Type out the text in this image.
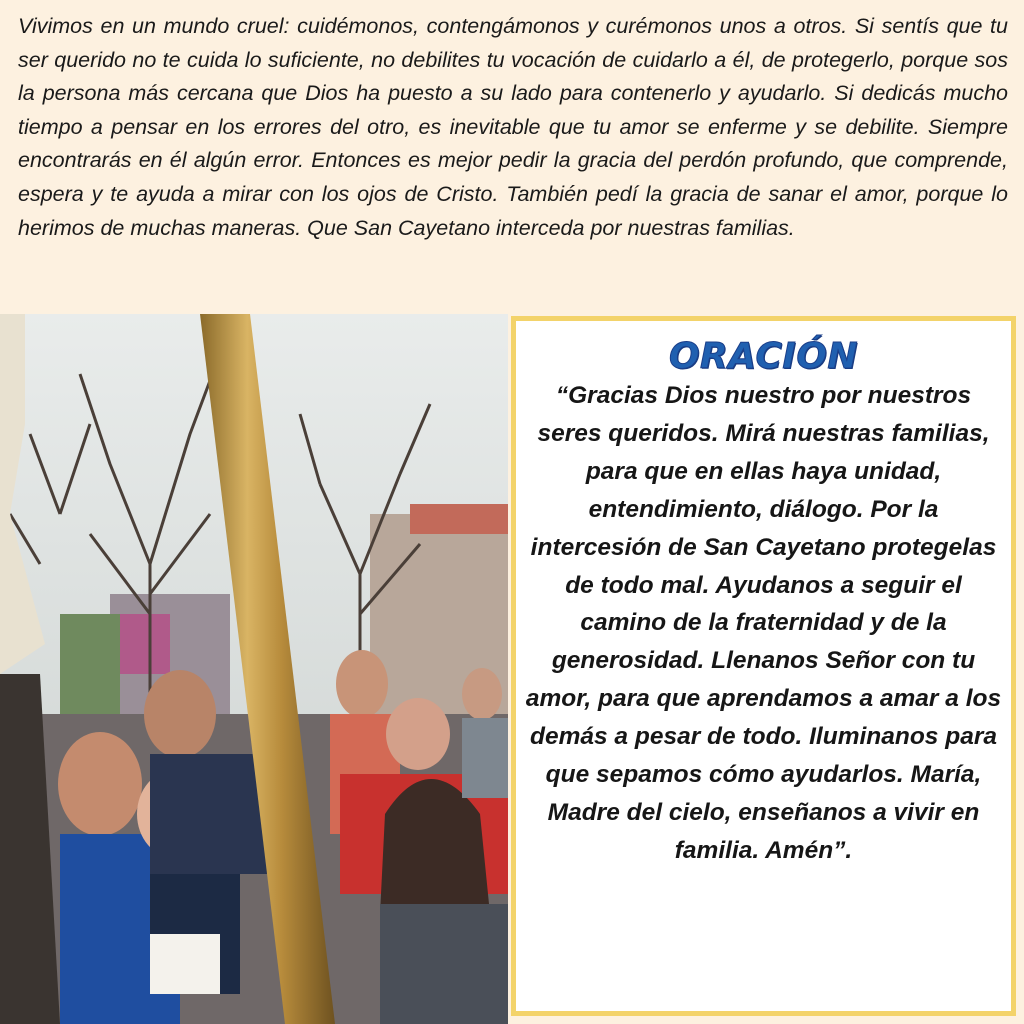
Vivimos en un mundo cruel: cuidémonos, contengámonos y curémonos unos a otros. Si sentís que tu ser querido no te cuida lo suficiente, no debilites tu vocación de cuidarlo a él, de protegerlo, porque sos la persona más cercana que Dios ha puesto a su lado para contenerlo y ayudarlo. Si dedicás mucho tiempo a pensar en los errores del otro, es inevitable que tu amor se enferme y se debilite. Siempre encontrarás en él algún error. Entonces es mejor pedir la gracia del perdón profundo, que comprende, espera y te ayuda a mirar con los ojos de Cristo. También pedí la gracia de sanar el amor, porque lo herimos de muchas maneras. Que San Cayetano interceda por nuestras familias.

ORACIÓN
“Gracias Dios nuestro por nuestros seres queridos. Mirá nuestras familias, para que en ellas haya unidad, entendimiento, diálogo. Por la intercesión de San Cayetano protegelas de todo mal. Ayudanos a seguir el camino de la fraternidad y de la generosidad. Llenanos Señor con tu amor, para que aprendamos a amar a los demás a pesar de todo. Iluminanos para que sepamos cómo ayudarlos. María, Madre del cielo, enseñanos a vivir en familia. Amén”.
